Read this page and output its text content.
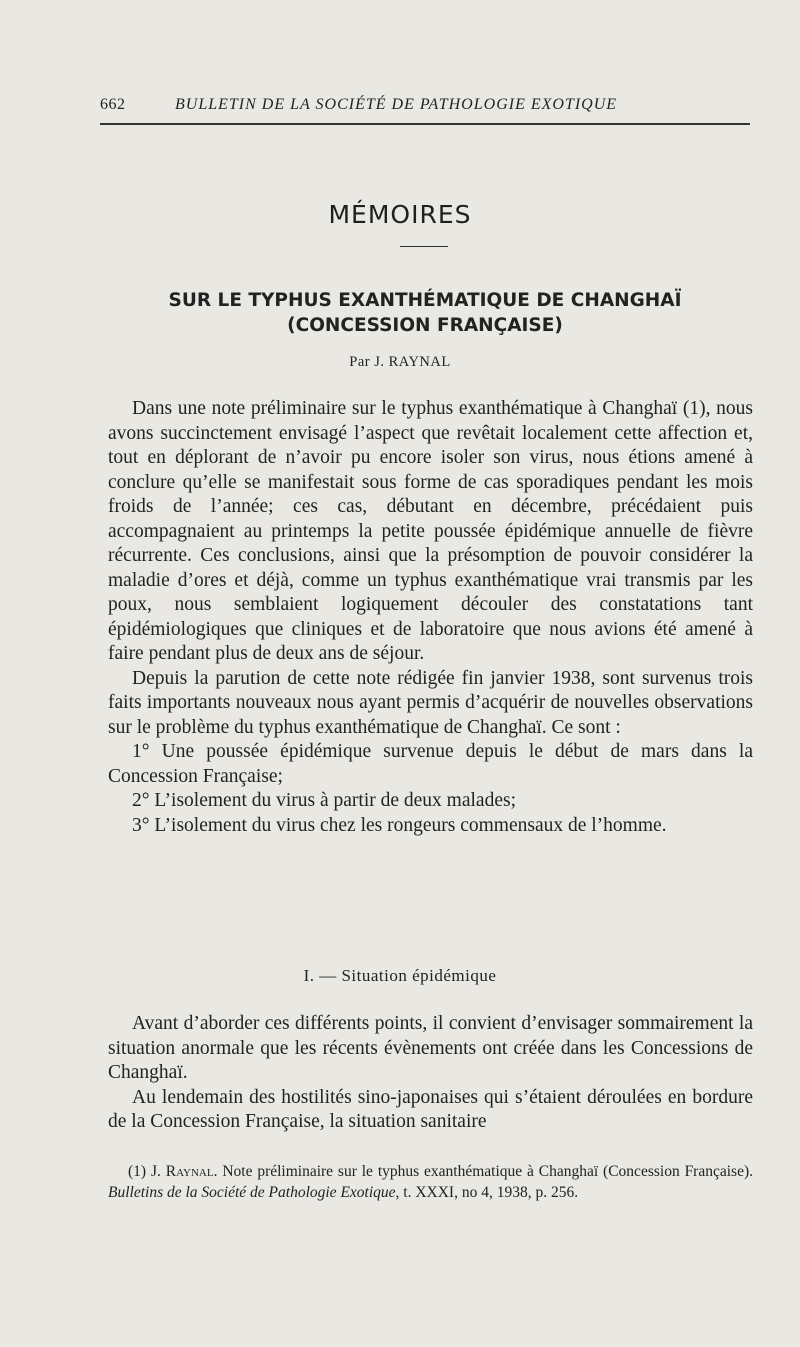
662	BULLETIN DE LA SOCIÉTÉ DE PATHOLOGIE EXOTIQUE
MÉMOIRES
SUR LE TYPHUS EXANTHÉMATIQUE DE CHANGHAÏ
(CONCESSION FRANÇAISE)
Par J. RAYNAL

Dans une note préliminaire sur le typhus exanthématique à Changhaï (1), nous avons succinctement envisagé l’aspect que revêtait localement cette affection et, tout en déplorant de n’avoir pu encore isoler son virus, nous étions amené à conclure qu’elle se manifestait sous forme de cas sporadiques pendant les mois froids de l’année; ces cas, débutant en décembre, précédaient puis accompagnaient au printemps la petite poussée épidémique annuelle de fièvre récurrente. Ces conclusions, ainsi que la présomption de pouvoir considérer la maladie d’ores et déjà, comme un typhus exanthématique vrai transmis par les poux, nous semblaient logiquement découler des constatations tant épidémiologiques que cliniques et de laboratoire que nous avions été amené à faire pendant plus de deux ans de séjour.

Depuis la parution de cette note rédigée fin janvier 1938, sont survenus trois faits importants nouveaux nous ayant permis d’acquérir de nouvelles observations sur le problème du typhus exanthématique de Changhaï. Ce sont :

1° Une poussée épidémique survenue depuis le début de mars dans la Concession Française;

2° L’isolement du virus à partir de deux malades;

3° L’isolement du virus chez les rongeurs commensaux de l’homme.

I. — Situation épidémique

Avant d’aborder ces différents points, il convient d’envisager sommairement la situation anormale que les récents évènements ont créée dans les Concessions de Changhaï.

Au lendemain des hostilités sino-japonaises qui s’étaient déroulées en bordure de la Concession Française, la situation sanitaire

(1) J. Raynal. Note préliminaire sur le typhus exanthématique à Changhaï (Concession Française). Bulletins de la Société de Pathologie Exotique, t. XXXI, no 4, 1938, p. 256.
